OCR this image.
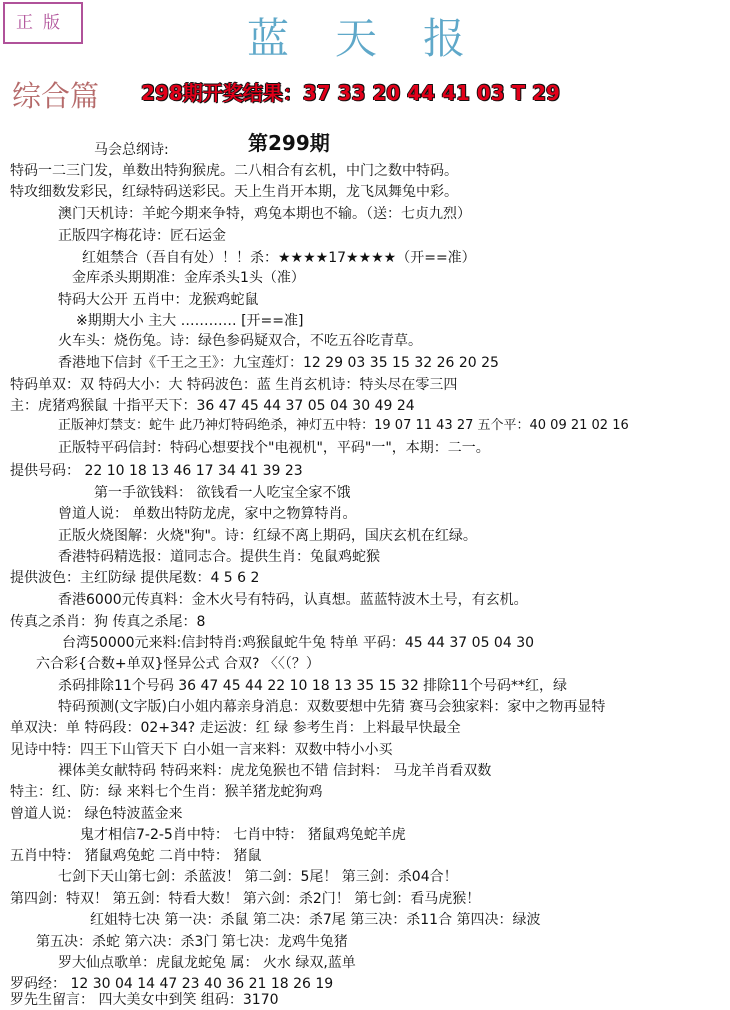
正版	蓝天报
综合篇 298期开奖结果：37 33 20 44 41 03 T 29
第299期
马会总纲诗:
特码一二三门发，单数出特狗猴虎。二八相合有玄机，中门之数中特码。
特攻细数发彩民，红绿特码送彩民。天上生肖开本期，龙飞凤舞兔中彩。
澳门天机诗：羊蛇今期来争特，鸡兔本期也不输。（送：七贞九烈）
正版四字梅花诗：匠石运金
红姐禁合（吾自有处）！！杀：★★★★17★★★★（开==准）
金库杀头期期准：金库杀头1头（准）
特码大公开 五肖中：龙猴鸡蛇鼠
※期期大小 主大 ………… [开==准]
火车头：烧伤兔。诗：绿色参码疑双合，不吃五谷吃青草。
香港地下信封《千王之王》：九宝莲灯：12 29 03 35 15 32 26 20 25
特码单双：双 特码大小：大 特码波色：蓝 生肖玄机诗：特头尽在零三四
主：虎猪鸡猴鼠 十指平天下：36 47 45 44 37 05 04 30 49 24
正版神灯禁支：蛇牛 此乃神灯特码绝杀，神灯五中特：19 07 11 43 27 五个平：40 09 21 02 16
正版特平码信封：特码心想要找个"电视机"，平码"一"，本期：二一。
提供号码： 22 10 18 13 46 17 34 41 39 23
第一手欲钱料： 欲钱看一人吃宝全家不饿
曾道人说： 单数出特防龙虎，家中之物算特肖。
正版火烧图解：火烧"狗"。诗：红绿不离上期码，国庆玄机在红绿。
香港特码精选报：道同志合。提供生肖：兔鼠鸡蛇猴
提供波色：主红防绿 提供尾数：4 5 6 2
香港6000元传真料：金木火号有特码，认真想。蓝蓝特波木土号，有玄机。
传真之杀肖：狗 传真之杀尾：8
台湾50000元来料:信封特肖:鸡猴鼠蛇牛兔 特单 平码：45 44 37 05 04 30
六合彩{合数+单双}怪异公式 合双? 〈〈（？）
杀码排除11个号码 36 47 45 44 22 10 18 13 35 15 32 排除11个号码**红，绿
特码预测(文字版)白小姐内幕亲身消息：双数要想中先猜 赛马会独家料：家中之物再显特
单双決：单 特码段：02+34? 走运波：红 绿 参考生肖：上料最早快最全
见诗中特：四王下山管天下 白小姐一言来料：双数中特小小买
裸体美女献特码 特码来料：虎龙兔猴也不错 信封料： 马龙羊肖看双数
特主：红、防：绿 来料七个生肖：猴羊猪龙蛇狗鸡
曾道人说： 绿色特波蓝金来
鬼才相信7-2-5肖中特： 七肖中特： 猪鼠鸡兔蛇羊虎
五肖中特： 猪鼠鸡兔蛇 二肖中特： 猪鼠
七剑下天山第七剑：杀蓝波！ 第二剑：5尾！ 第三剑：杀04合！
第四剑：特双！ 第五剑：特看大数！ 第六剑：杀2门！ 第七剑：看马虎猴！
红姐特七决 第一决：杀鼠 第二决：杀7尾 第三决：杀11合 第四决：绿波
第五决：杀蛇 第六决：杀3门 第七决：龙鸡牛兔猪
罗大仙点歌单：虎鼠龙蛇兔 属： 火水 绿双,蓝单
罗码经： 12 30 04 14 47 23 40 36 21 18 26 19
罗先生留言： 四大美女中到笑 组码：3170
